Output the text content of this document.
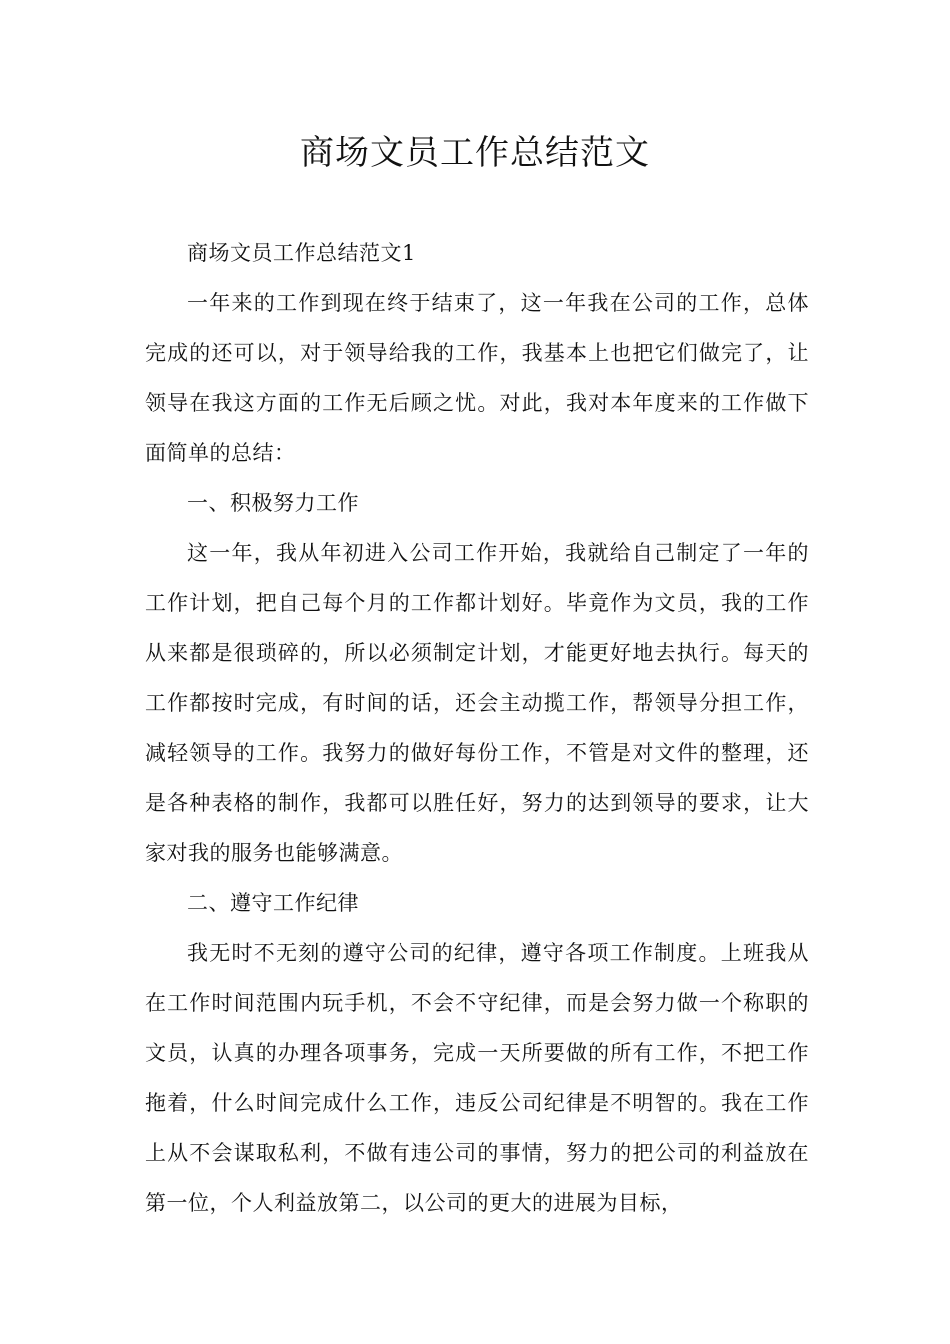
商场文员工作总结范文

商场文员工作总结范文1

一年来的工作到现在终于结束了，这一年我在公司的工作，总体完成的还可以，对于领导给我的工作，我基本上也把它们做完了，让领导在我这方面的工作无后顾之忧。对此，我对本年度来的工作做下面简单的总结：

一、积极努力工作

这一年，我从年初进入公司工作开始，我就给自己制定了一年的工作计划，把自己每个月的工作都计划好。毕竟作为文员，我的工作从来都是很琐碎的，所以必须制定计划，才能更好地去执行。每天的工作都按时完成，有时间的话，还会主动揽工作，帮领导分担工作，减轻领导的工作。我努力的做好每份工作，不管是对文件的整理，还是各种表格的制作，我都可以胜任好，努力的达到领导的要求，让大家对我的服务也能够满意。

二、遵守工作纪律

我无时不无刻的遵守公司的纪律，遵守各项工作制度。上班我从在工作时间范围内玩手机，不会不守纪律，而是会努力做一个称职的文员，认真的办理各项事务，完成一天所要做的所有工作，不把工作拖着，什么时间完成什么工作，违反公司纪律是不明智的。我在工作上从不会谋取私利，不做有违公司的事情，努力的把公司的利益放在第一位，个人利益放第二，以公司的更大的进展为目标，
